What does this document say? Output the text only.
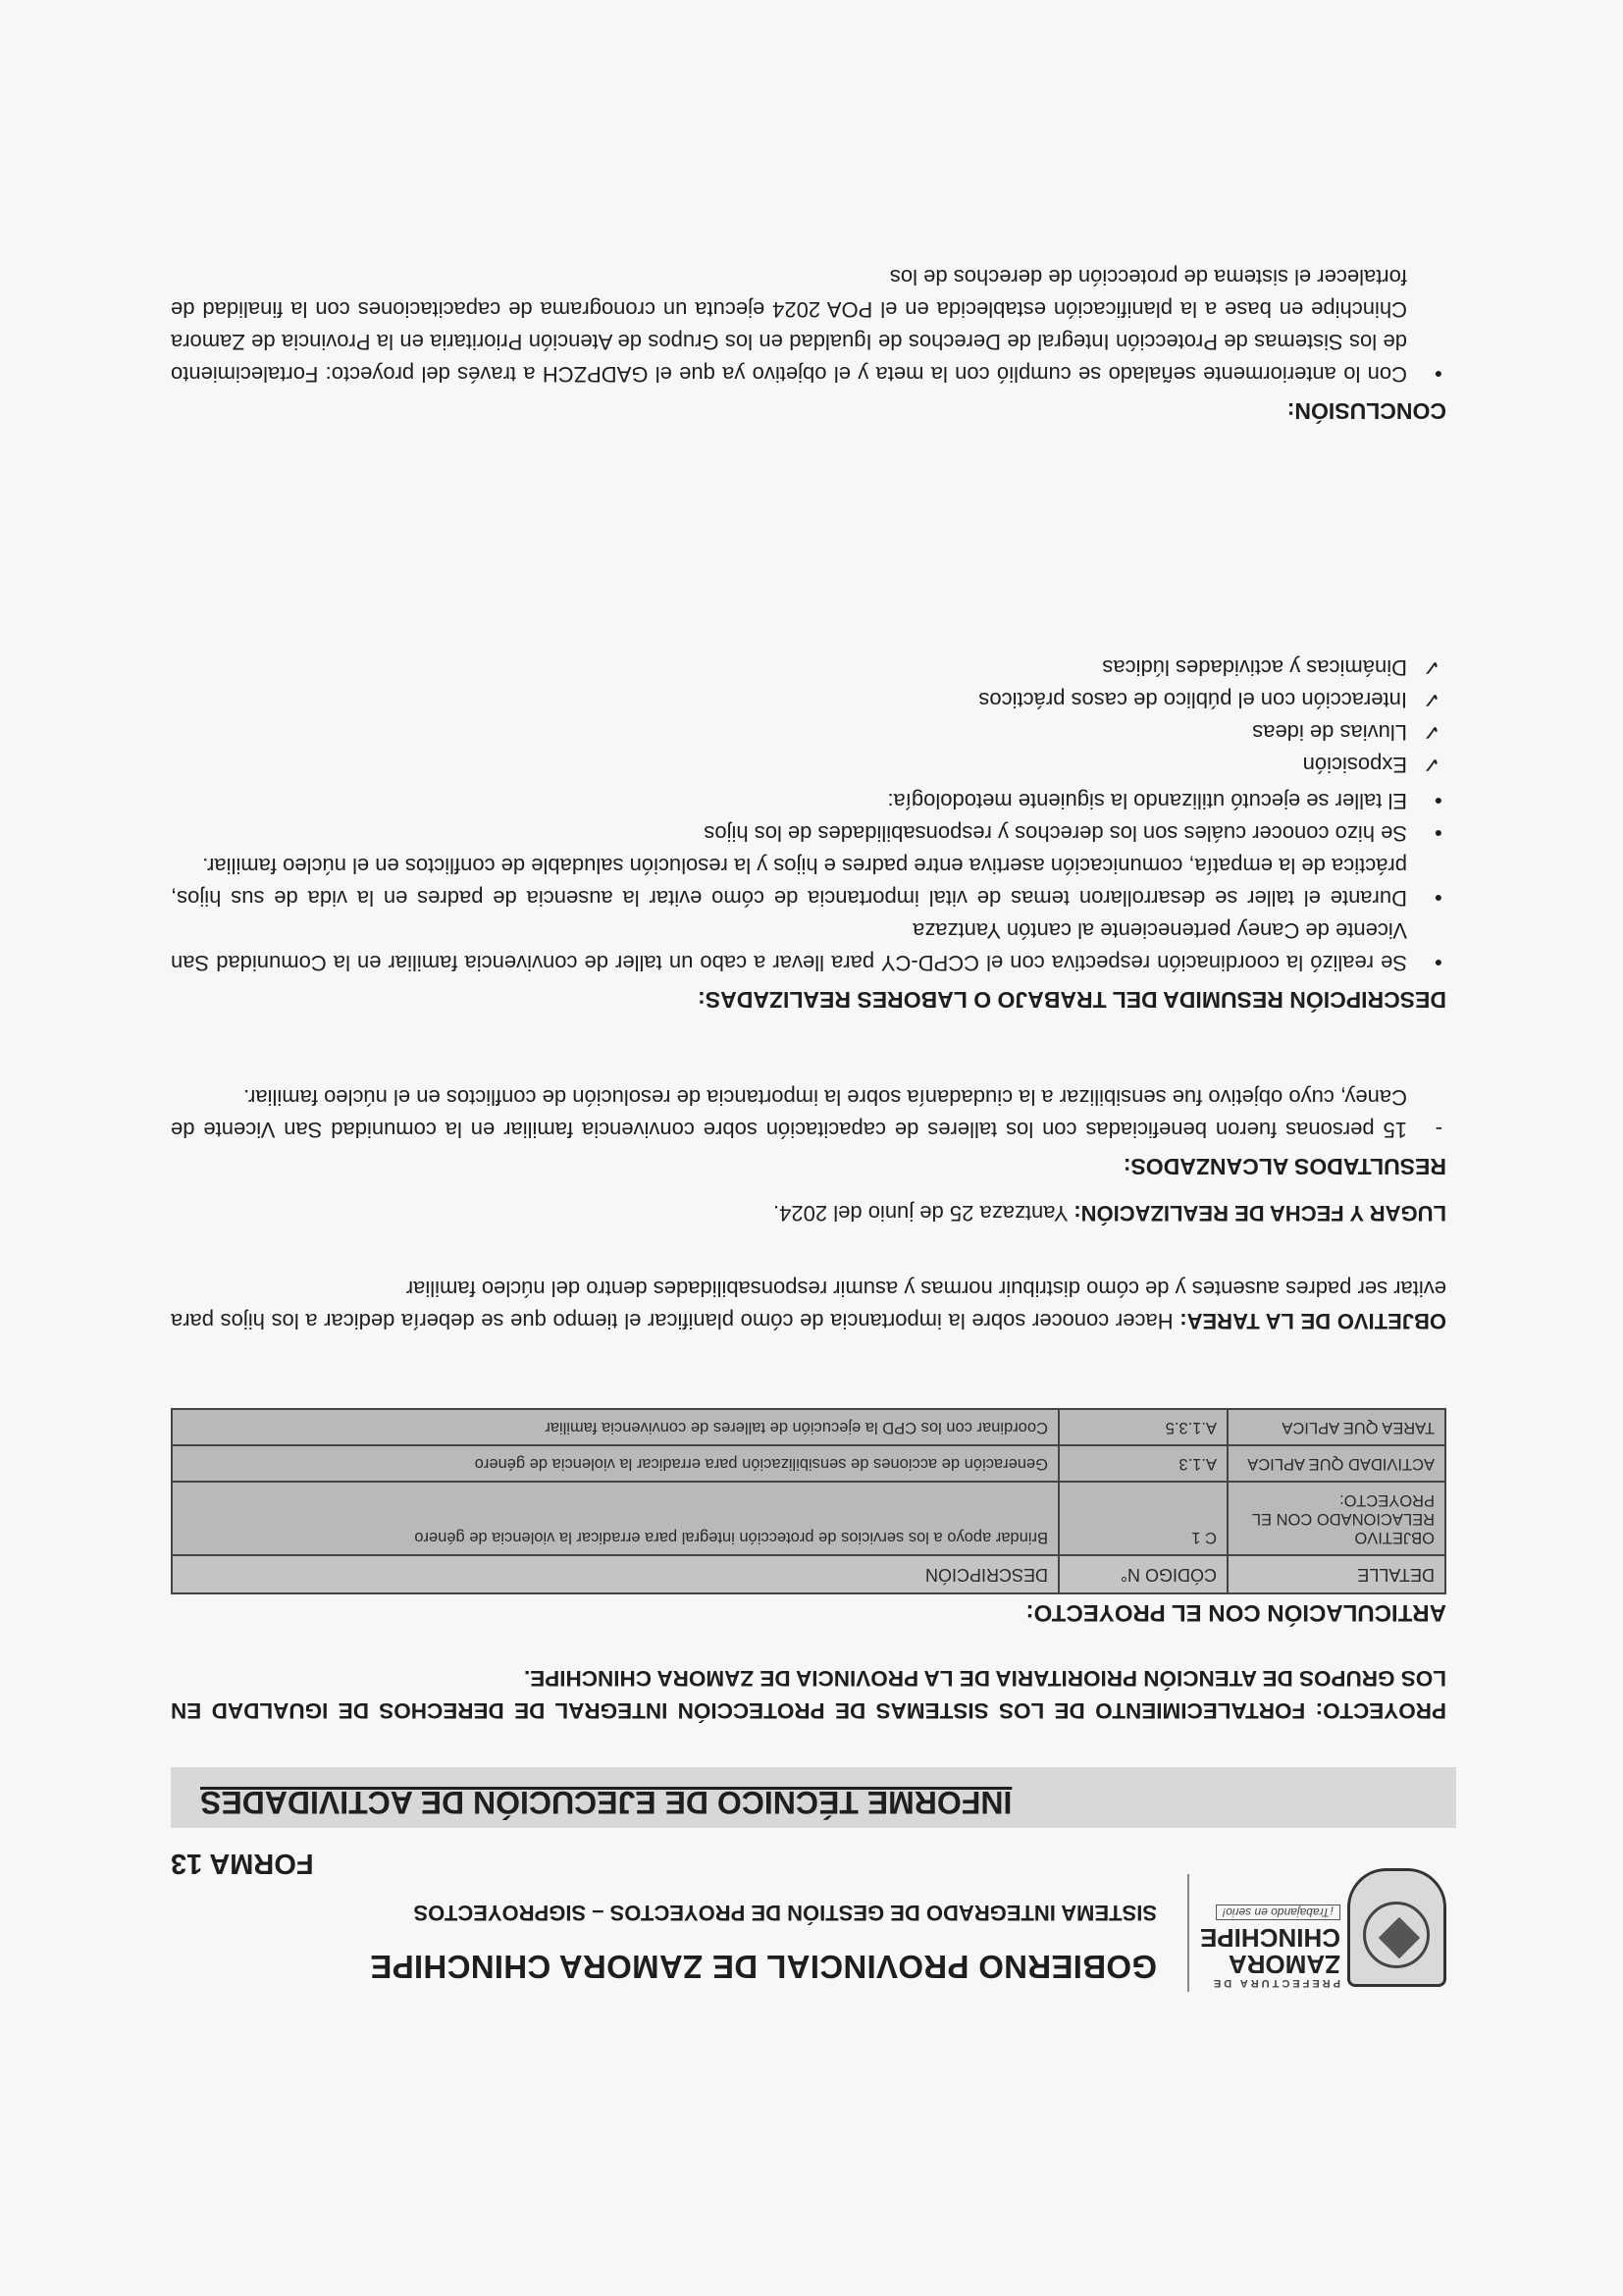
PREFECTURA DE
ZAMORA
CHINCHIPE
¡Trabajando en serio!
GOBIERNO PROVINCIAL DE ZAMORA CHINCHIPE
SISTEMA INTEGRADO DE GESTIÓN DE PROYECTOS – SIGPROYECTOS
FORMA 13
INFORME TÉCNICO DE EJECUCIÓN DE ACTIVIDADES
PROYECTO: FORTALECIMIENTO DE LOS SISTEMAS DE PROTECCIÓN INTEGRAL DE DERECHOS DE IGUALDAD EN LOS GRUPOS DE ATENCIÓN PRIORITARIA DE LA PROVINCIA DE ZAMORA CHINCHIPE.
ARTICULACIÓN CON EL PROYECTO:
DETALLE	CÓDIGO N°	DESCRIPCIÓN
OBJETIVO RELACIONADO CON EL PROYECTO:	C 1	Brindar apoyo a los servicios de protección integral para erradicar la violencia de género
ACTIVIDAD QUE APLICA	A.1.3	Generación de acciones de sensibilización para erradicar la violencia de género
TAREA QUE APLICA	A.1.3.5	Coordinar con los CPD la ejecución de talleres de convivencia familiar
OBJETIVO DE LA TAREA: Hacer conocer sobre la importancia de cómo planificar el tiempo que se debería dedicar a los hijos para evitar ser padres ausentes y de cómo distribuir normas y asumir responsabilidades dentro del núcleo familiar
LUGAR Y FECHA DE REALIZACIÓN: Yantzaza 25 de junio del 2024.
RESULTADOS ALCANZADOS:
- 15 personas fueron beneficiadas con los talleres de capacitación sobre convivencia familiar en la comunidad San Vicente de Caney, cuyo objetivo fue sensibilizar a la ciudadanía sobre la importancia de resolución de conflictos en el núcleo familiar.
DESCRIPCIÓN RESUMIDA DEL TRABAJO O LABORES REALIZADAS:
● Se realizó la coordinación respectiva con el CCPD-CY para llevar a cabo un taller de convivencia familiar en la Comunidad San Vicente de Caney perteneciente al cantón Yantzaza
● Durante el taller se desarrollaron temas de vital importancia de cómo evitar la ausencia de padres en la vida de sus hijos, práctica de la empatía, comunicación asertiva entre padres e hijos y la resolución saludable de conflictos en el núcleo familiar.
● Se hizo conocer cuáles son los derechos y responsabilidades de los hijos
● El taller se ejecutó utilizando la siguiente metodología:
✓ Exposición
✓ Lluvias de ideas
✓ Interacción con el público de casos prácticos
✓ Dinámicas y actividades lúdicas
CONCLUSIÓN:
● Con lo anteriormente señalado se cumplió con la meta y el objetivo ya que el GADPZCH a través del proyecto: Fortalecimiento de los Sistemas de Protección Integral de Derechos de Igualdad en los Grupos de Atención Prioritaria en la Provincia de Zamora Chinchipe en base a la planificación establecida en el POA 2024 ejecuta un cronograma de capacitaciones con la finalidad de fortalecer el sistema de protección de derechos de los
